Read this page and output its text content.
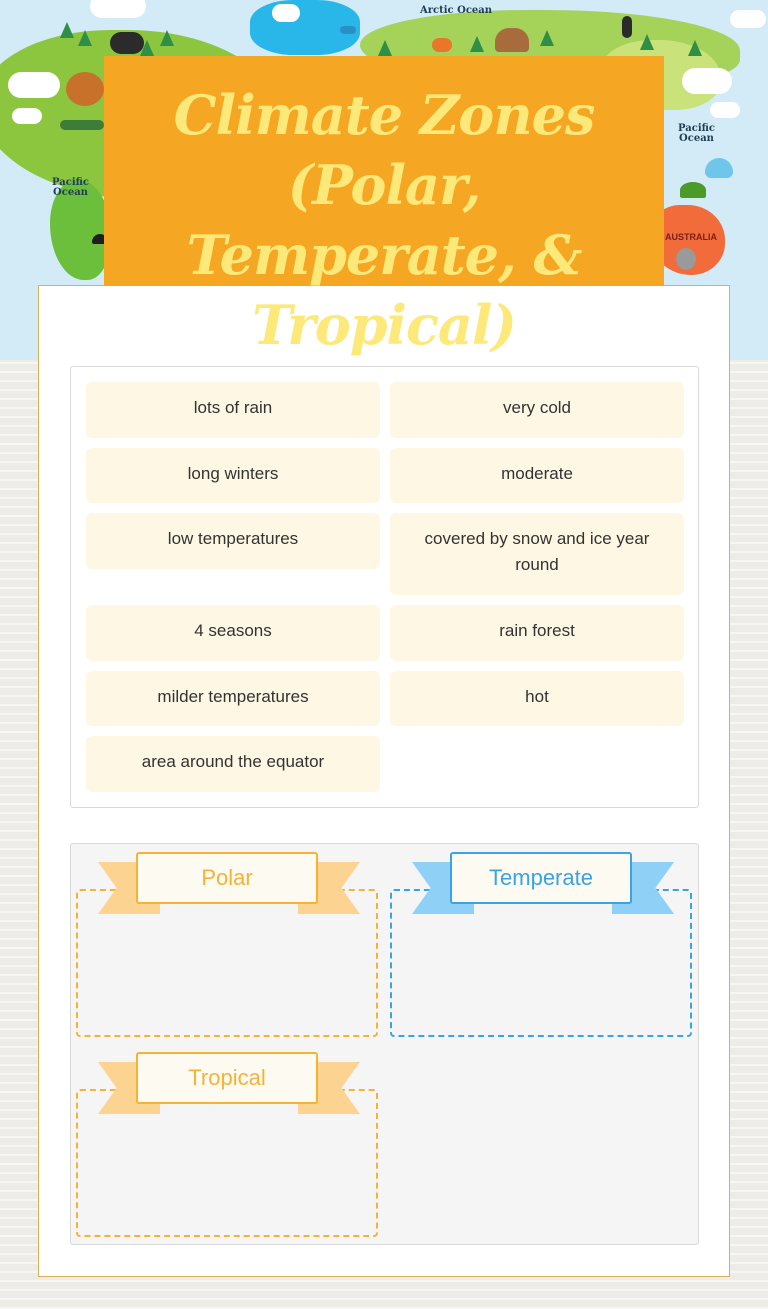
Arctic Ocean
Pacific
Ocean
Pacific
Ocean
AUSTRALIA
Climate Zones (Polar, Temperate, & Tropical)
lots of rain	very cold
long winters	moderate
low temperatures	covered by snow and ice year round
4 seasons	rain forest
milder temperatures	hot
area around the equator
Polar	Temperate
Tropical
